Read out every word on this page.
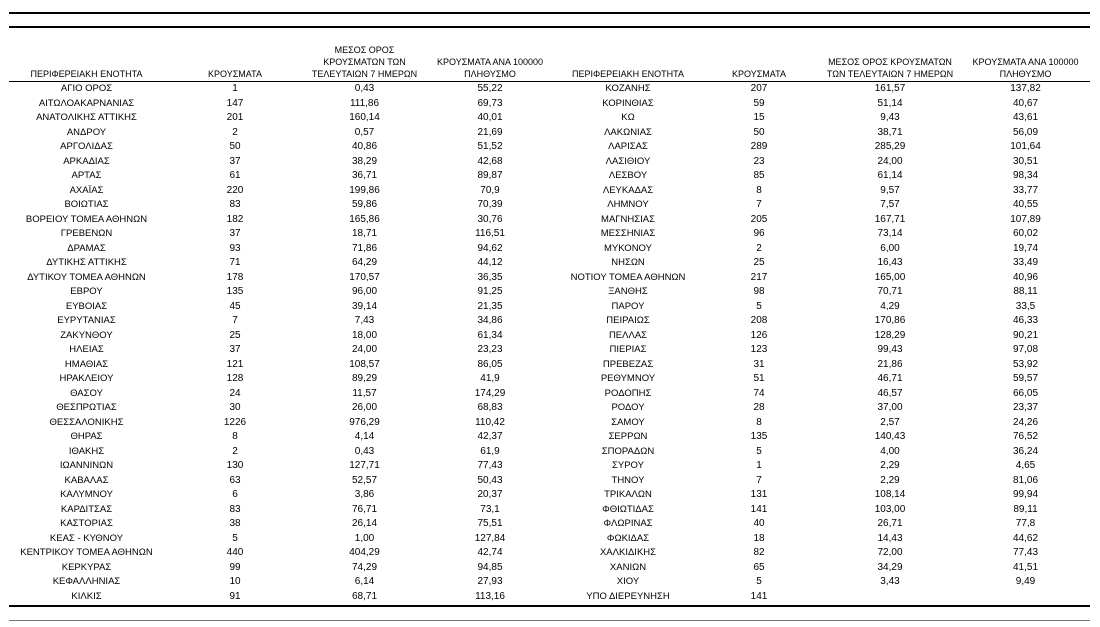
ΠΕΡΙΦΕΡΕΙΑΚΗ ΕΝΟΤΗΤΑ	ΚΡΟΥΣΜΑΤΑ	ΜΕΣΟΣ ΟΡΟΣ ΚΡΟΥΣΜΑΤΩΝ ΤΩΝ ΤΕΛΕΥΤΑΙΩΝ 7 ΗΜΕΡΩΝ	ΚΡΟΥΣΜΑΤΑ ΑΝΑ 100000 ΠΛΗΘΥΣΜΟ	ΠΕΡΙΦΕΡΕΙΑΚΗ ΕΝΟΤΗΤΑ	ΚΡΟΥΣΜΑΤΑ	ΜΕΣΟΣ ΟΡΟΣ ΚΡΟΥΣΜΑΤΩΝ ΤΩΝ ΤΕΛΕΥΤΑΙΩΝ 7 ΗΜΕΡΩΝ	ΚΡΟΥΣΜΑΤΑ ΑΝΑ 100000 ΠΛΗΘΥΣΜΟ
ΑΓΙΟ ΟΡΟΣ	1	0,43	55,22	ΚΟΖΑΝΗΣ	207	161,57	137,82
ΑΙΤΩΛΟΑΚΑΡΝΑΝΙΑΣ	147	111,86	69,73	ΚΟΡΙΝΘΙΑΣ	59	51,14	40,67
ΑΝΑΤΟΛΙΚΗΣ ΑΤΤΙΚΗΣ	201	160,14	40,01	ΚΩ	15	9,43	43,61
ΑΝΔΡΟΥ	2	0,57	21,69	ΛΑΚΩΝΙΑΣ	50	38,71	56,09
ΑΡΓΟΛΙΔΑΣ	50	40,86	51,52	ΛΑΡΙΣΑΣ	289	285,29	101,64
ΑΡΚΑΔΙΑΣ	37	38,29	42,68	ΛΑΣΙΘΙΟΥ	23	24,00	30,51
ΑΡΤΑΣ	61	36,71	89,87	ΛΕΣΒΟΥ	85	61,14	98,34
ΑΧΑΪΑΣ	220	199,86	70,9	ΛΕΥΚΑΔΑΣ	8	9,57	33,77
ΒΟΙΩΤΙΑΣ	83	59,86	70,39	ΛΗΜΝΟΥ	7	7,57	40,55
ΒΟΡΕΙΟΥ ΤΟΜΕΑ ΑΘΗΝΩΝ	182	165,86	30,76	ΜΑΓΝΗΣΙΑΣ	205	167,71	107,89
ΓΡΕΒΕΝΩΝ	37	18,71	116,51	ΜΕΣΣΗΝΙΑΣ	96	73,14	60,02
ΔΡΑΜΑΣ	93	71,86	94,62	ΜΥΚΟΝΟΥ	2	6,00	19,74
ΔΥΤΙΚΗΣ ΑΤΤΙΚΗΣ	71	64,29	44,12	ΝΗΣΩΝ	25	16,43	33,49
ΔΥΤΙΚΟΥ ΤΟΜΕΑ ΑΘΗΝΩΝ	178	170,57	36,35	ΝΟΤΙΟΥ ΤΟΜΕΑ ΑΘΗΝΩΝ	217	165,00	40,96
ΕΒΡΟΥ	135	96,00	91,25	ΞΑΝΘΗΣ	98	70,71	88,11
ΕΥΒΟΙΑΣ	45	39,14	21,35	ΠΑΡΟΥ	5	4,29	33,5
ΕΥΡΥΤΑΝΙΑΣ	7	7,43	34,86	ΠΕΙΡΑΙΩΣ	208	170,86	46,33
ΖΑΚΥΝΘΟΥ	25	18,00	61,34	ΠΕΛΛΑΣ	126	128,29	90,21
ΗΛΕΙΑΣ	37	24,00	23,23	ΠΙΕΡΙΑΣ	123	99,43	97,08
ΗΜΑΘΙΑΣ	121	108,57	86,05	ΠΡΕΒΕΖΑΣ	31	21,86	53,92
ΗΡΑΚΛΕΙΟΥ	128	89,29	41,9	ΡΕΘΥΜΝΟΥ	51	46,71	59,57
ΘΑΣΟΥ	24	11,57	174,29	ΡΟΔΟΠΗΣ	74	46,57	66,05
ΘΕΣΠΡΩΤΙΑΣ	30	26,00	68,83	ΡΟΔΟΥ	28	37,00	23,37
ΘΕΣΣΑΛΟΝΙΚΗΣ	1226	976,29	110,42	ΣΑΜΟΥ	8	2,57	24,26
ΘΗΡΑΣ	8	4,14	42,37	ΣΕΡΡΩΝ	135	140,43	76,52
ΙΘΑΚΗΣ	2	0,43	61,9	ΣΠΟΡΑΔΩΝ	5	4,00	36,24
ΙΩΑΝΝΙΝΩΝ	130	127,71	77,43	ΣΥΡΟΥ	1	2,29	4,65
ΚΑΒΑΛΑΣ	63	52,57	50,43	ΤΗΝΟΥ	7	2,29	81,06
ΚΑΛΥΜΝΟΥ	6	3,86	20,37	ΤΡΙΚΑΛΩΝ	131	108,14	99,94
ΚΑΡΔΙΤΣΑΣ	83	76,71	73,1	ΦΘΙΩΤΙΔΑΣ	141	103,00	89,11
ΚΑΣΤΟΡΙΑΣ	38	26,14	75,51	ΦΛΩΡΙΝΑΣ	40	26,71	77,8
ΚΕΑΣ - ΚΥΘΝΟΥ	5	1,00	127,84	ΦΩΚΙΔΑΣ	18	14,43	44,62
ΚΕΝΤΡΙΚΟΥ ΤΟΜΕΑ ΑΘΗΝΩΝ	440	404,29	42,74	ΧΑΛΚΙΔΙΚΗΣ	82	72,00	77,43
ΚΕΡΚΥΡΑΣ	99	74,29	94,85	ΧΑΝΙΩΝ	65	34,29	41,51
ΚΕΦΑΛΛΗΝΙΑΣ	10	6,14	27,93	ΧΙΟΥ	5	3,43	9,49
ΚΙΛΚΙΣ	91	68,71	113,16	ΥΠΟ ΔΙΕΡΕΥΝΗΣΗ	141		
